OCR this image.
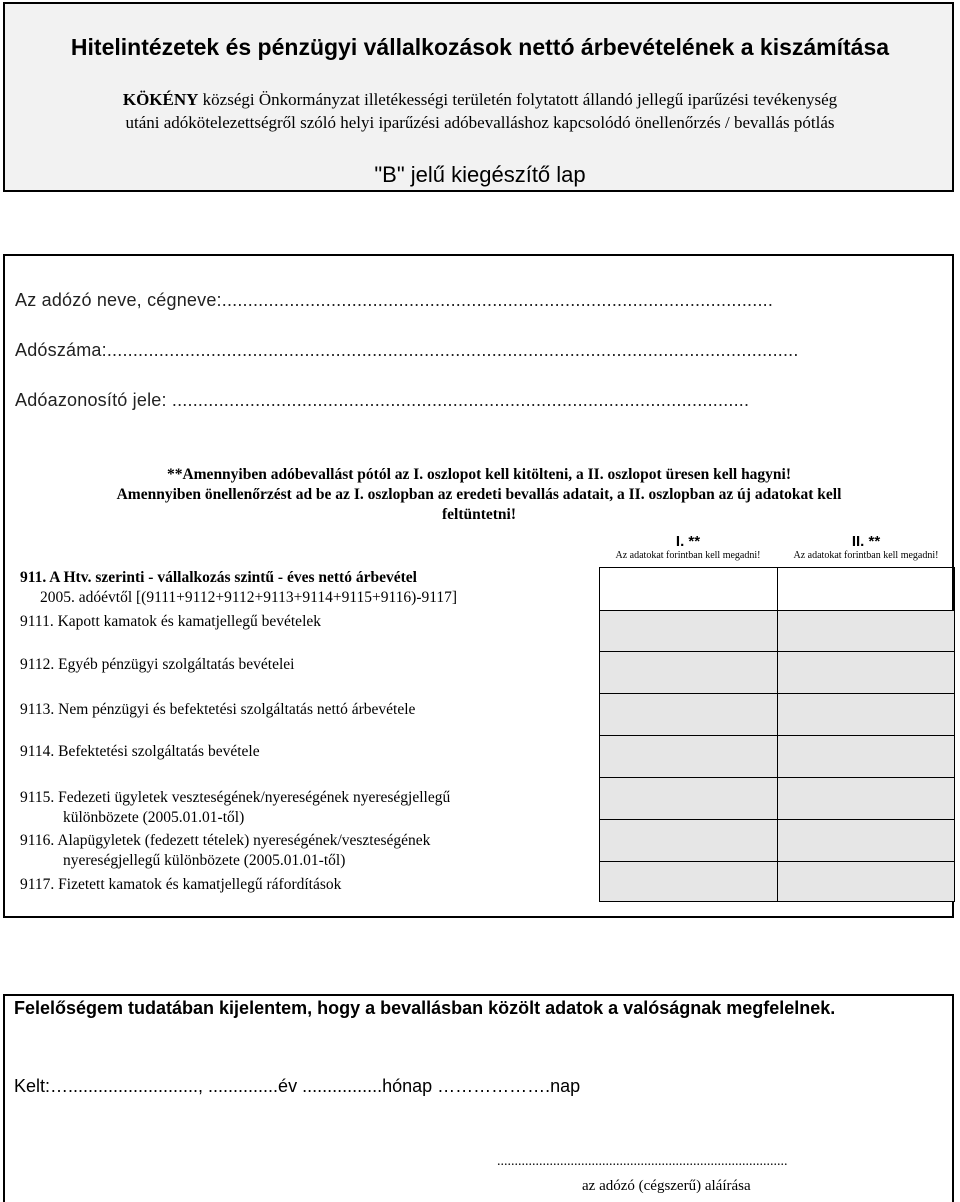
Hitelintézetek és pénzügyi vállalkozások nettó árbevételének a kiszámítása
KÖKÉNY községi Önkormányzat illetékességi területén folytatott állandó jellegű iparűzési tevékenység
utáni adókötelezettségről szóló helyi iparűzési adóbevalláshoz kapcsolódó önellenőrzés / bevallás pótlás
"B" jelű kiegészítő lap
Az adózó neve, cégneve:..........................................................................................................
Adószáma:.....................................................................................................................................
Adóazonosító jele: ...............................................................................................................
**Amennyiben adóbevallást pótól az I. oszlopot kell kitölteni, a II. oszlopot üresen kell hagyni!
Amennyiben önellenőrzést ad be az I. oszlopban az eredeti bevallás adatait, a II. oszlopban az új adatokat kell
feltüntetni!
I. **
Az adatokat forintban kell megadni!
II. **
Az adatokat forintban kell megadni!
911. A Htv. szerinti - vállalkozás szintű - éves nettó árbevétel
2005. adóévtől [(9111+9112+9112+9113+9114+9115+9116)-9117]
9111. Kapott kamatok és kamatjellegű bevételek
9112. Egyéb pénzügyi szolgáltatás bevételei
9113. Nem pénzügyi és befektetési szolgáltatás nettó árbevétele
9114. Befektetési szolgáltatás bevétele
9115. Fedezeti ügyletek veszteségének/nyereségének nyereségjellegű
különbözete (2005.01.01-től)
9116. Alapügyletek (fedezett tételek) nyereségének/veszteségének
nyereségjellegű különbözete (2005.01.01-től)
9117. Fizetett kamatok és kamatjellegű ráfordítások
Felelőségem tudatában kijelentem, hogy a bevallásban közölt adatok a valóságnak megfelelnek.
Kelt:….........................., ..............év ................hónap ……………….nap
...................................................................................
az adózó (cégszerű) aláírása
